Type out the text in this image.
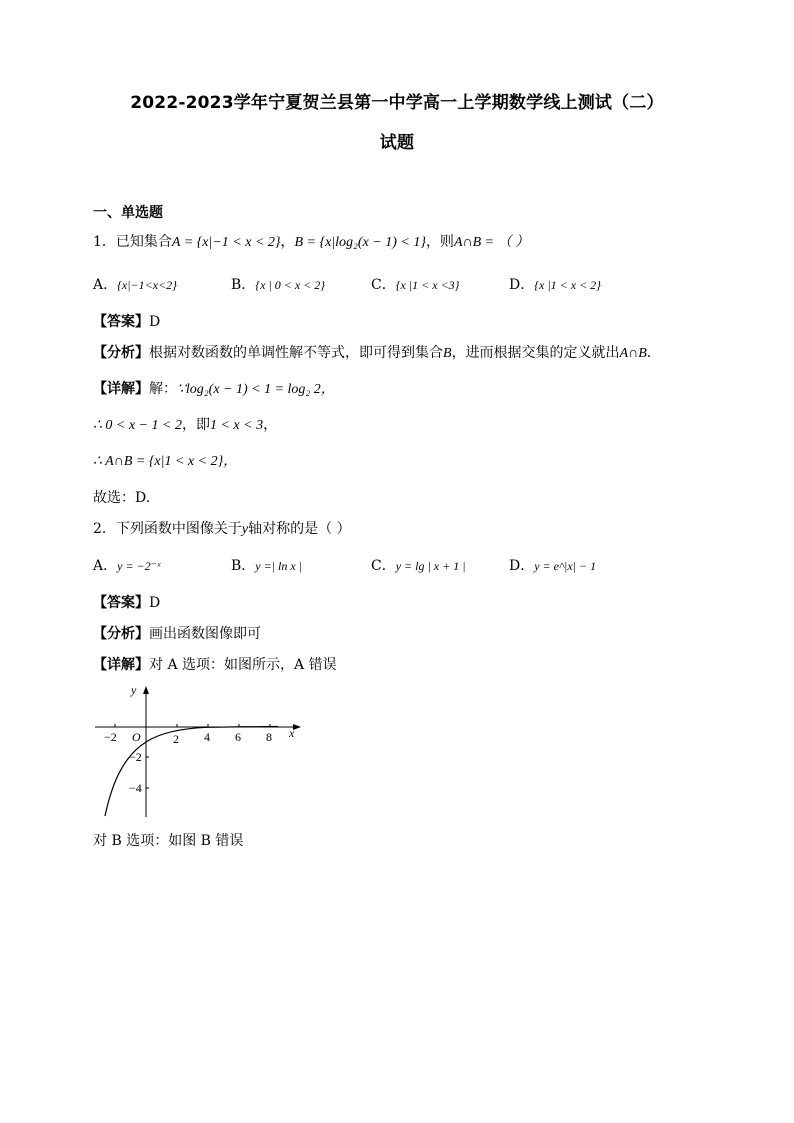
2022-2023学年宁夏贺兰县第一中学高一上学期数学线上测试（二）
试题
一、单选题
1．已知集合A = {x|−1 < x < 2}，B = {x|log₂(x − 1) < 1}，则A∩B = （ ）
A．{x|−1<x<2}	B．{x | 0 < x < 2}	C．{x |1 < x <3}	D．{x |1 < x < 2}
【答案】D
【分析】根据对数函数的单调性解不等式，即可得到集合B，进而根据交集的定义就出A∩B.
【详解】解：∵log₂(x − 1) < 1 = log₂ 2，
∴ 0 < x − 1 < 2，即1 < x < 3，
∴ A∩B = {x|1 < x < 2}，
故选：D.
2．下列函数中图像关于y轴对称的是（ ）
A．y = −2⁻ˣ	B．y =| ln x |	C．y = lg | x + 1 |	D．y = e^|x| − 1
【答案】D
【分析】画出函数图像即可
【详解】对 A 选项：如图所示，A 错误
y
x
O
−2	2 4 6 8
−2
−4
对 B 选项：如图 B 错误
